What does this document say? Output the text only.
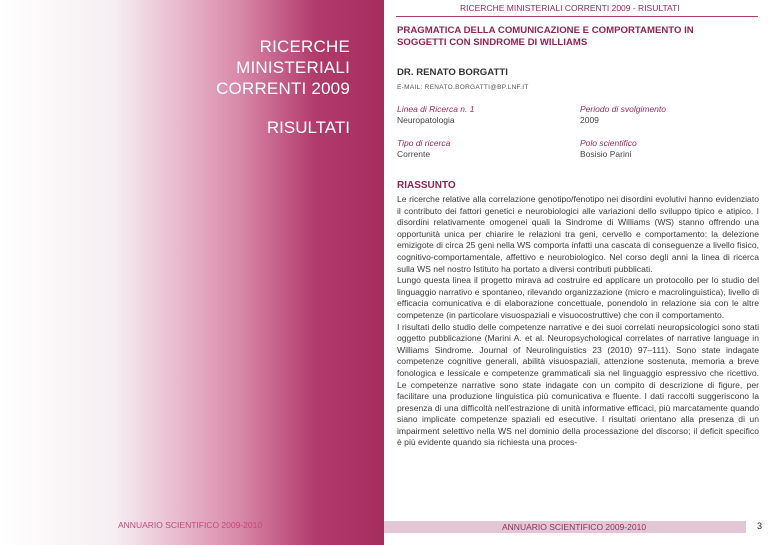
RICERCHE
MINISTERIALI
CORRENTI 2009
RISULTATI
ANNUARIO SCIENTIFICO 2009-2010
RICERCHE MINISTERIALI CORRENTI 2009 - RISULTATI
PRAGMATICA DELLA COMUNICAZIONE E COMPORTAMENTO IN
SOGGETTI CON SINDROME DI WILLIAMS
DR. RENATO BORGATTI
E-MAIL: RENATO.BORGATTI@BP.LNF.IT
Linea di Ricerca n. 1
Neuropatologia
Periodo di svolgimento
2009
Tipo di ricerca
Corrente
Polo scientifico
Bosisio Parini
RIASSUNTO

Le ricerche relative alla correlazione genotipo/fenotipo nei disordini evolutivi hanno evidenziato il contributo dei fattori genetici e neurobiologici alle variazioni dello sviluppo tipico e atipico. I disordini relativamente omogenei quali la Sindrome di Williams (WS) stanno offrendo una opportunità unica per chiarire le relazioni tra geni, cervello e comportamento: la delezione emizigote di circa 25 geni nella WS comporta infatti una cascata di conseguenze a livello fisico, cognitivo-comportamentale, affettivo e neurobiologico. Nel corso degli anni la linea di ricerca sulla WS nel nostro Istituto ha portato a diversi contributi pubblicati.

Lungo questa linea il progetto mirava ad costruire ed applicare un protocollo per lo studio del linguaggio narrativo e spontaneo, rilevando organizzazione (micro e macrolinguistica), livello di efficacia comunicativa e di elaborazione concettuale, ponendolo in relazione sia con le altre competenze (in particolare visuospaziali e visuocostruttive) che con il comportamento.

I risultati dello studio delle competenze narrative e dei suoi correlati neuropsicologici sono stati oggetto pubblicazione (Marini A. et al. Neuropsychological correlates of narrative language in Williams Sindrome. Journal of Neurolinguistics 23 (2010) 97–111). Sono state indagate competenze cognitive generali, abilità visuospaziali, attenzione sostenuta, memoria a breve fonologica e lessicale e competenze grammaticali sia nel linguaggio espressivo che ricettivo. Le competenze narrative sono state indagate con un compito di descrizione di figure, per facilitare una produzione linguistica più comunicativa e fluente. I dati raccolti suggeriscono la presenza di una difficoltà nell’estrazione di unità informative efficaci, più marcatamente quando siano implicate competenze spaziali ed esecutive. I risultati orientano alla presenza di un impairment selettivo nella WS nel dominio della processazione del discorso; il deficit specifico è più evidente quando sia richiesta una proces-

ANNUARIO SCIENTIFICO 2009-2010	3
